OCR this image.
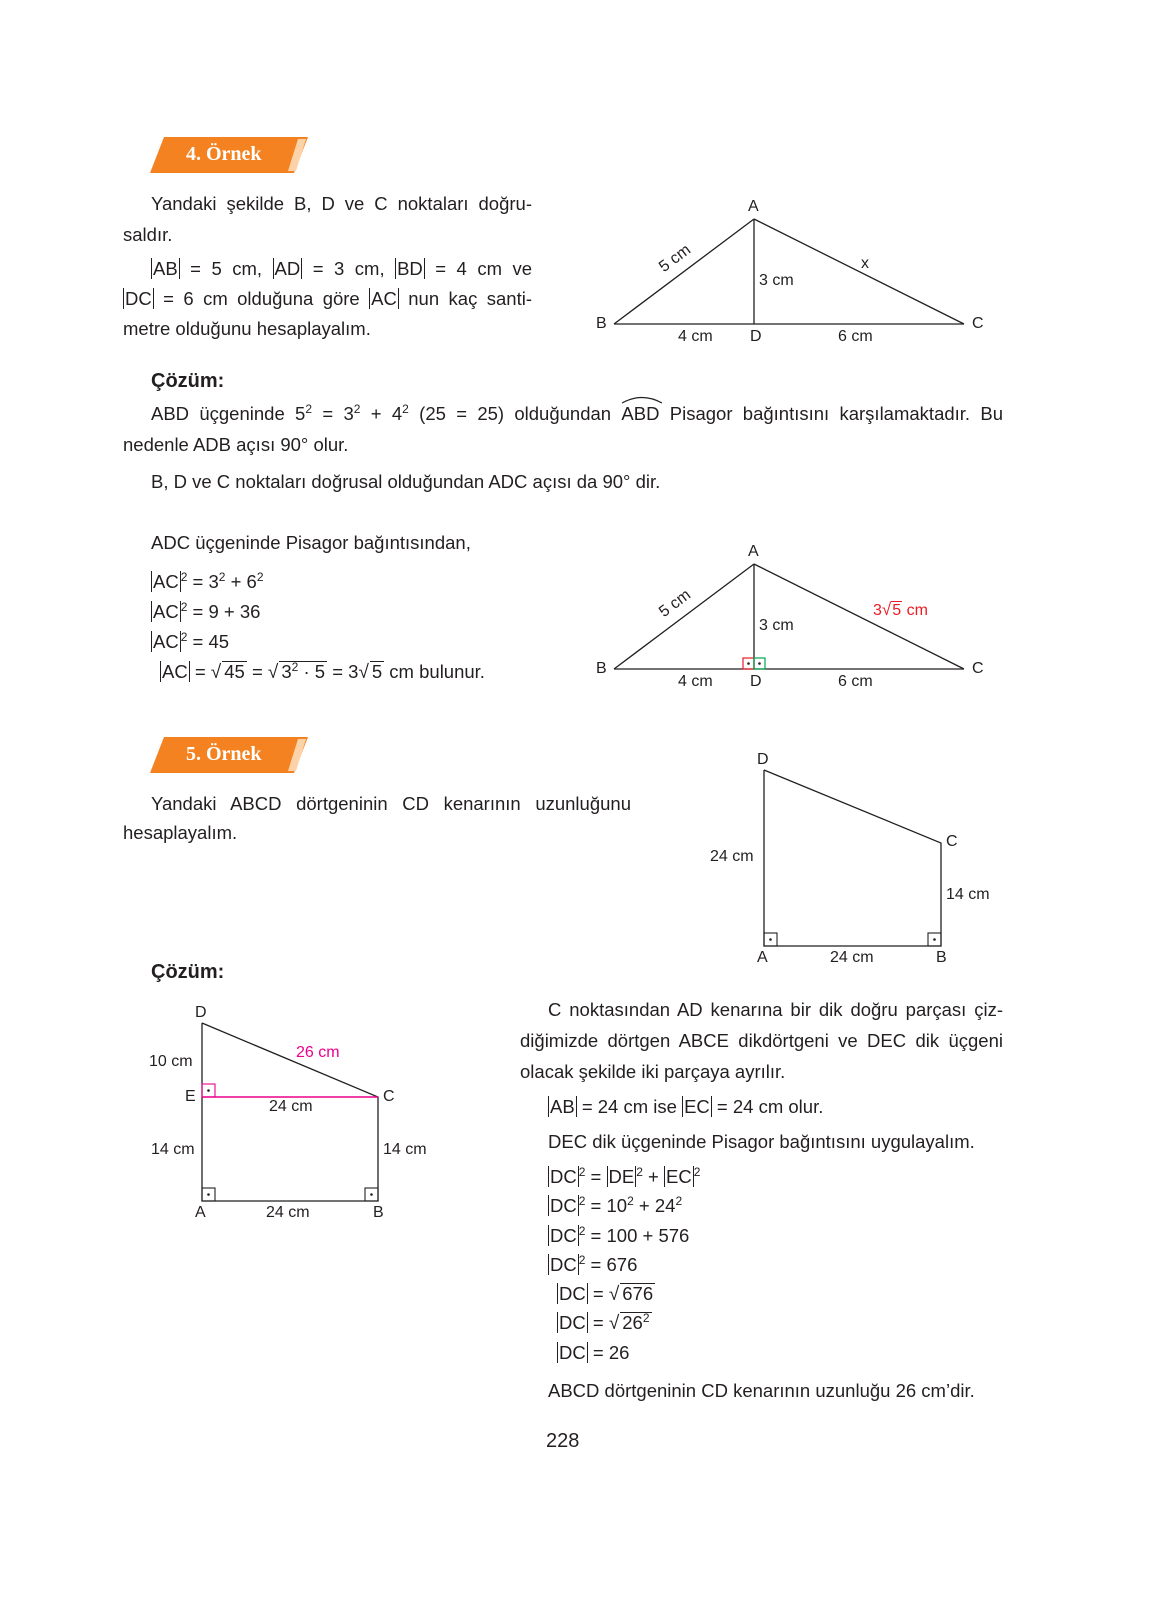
4. Örnek
Yandaki şekilde B, D ve C noktaları doğru-
saldır.
AB = 5 cm, AD = 3 cm, BD = 4 cm ve
DC = 6 cm olduğuna göre AC nun kaç santi-
metre olduğunu hesaplayalım.
A
B	C
D
5 cm
3 cm
4 cm	6 cm
x
Çözüm:
ABD üçgeninde $5^2 = 3^2 + 4^2$ (25 = 25) olduğundan
ABD Pisagor bağıntısını karşılamaktadır. Bu
nedenle ADB açısı 90° olur.
B, D ve C noktaları doğrusal olduğundan ADC açısı da 90° dir.
ADC üçgeninde Pisagor bağıntısından,
AC $^2 = 3^2 + 6^2$
AC $^2$ = 9 + 36
AC $^2$ = 45
AC = √ 45 = √ $3^2 \cdot 5 = 3√$ 5 cm bulunur.
A
B	C
D
5 cm
3 cm
4 cm	6 cm
3√5 cm
5. Örnek
Yandaki ABCD dörtgeninin CD kenarının uzunluğunu
hesaplayalım.
D
C
A	B
24 cm
14 cm
24 cm
Çözüm:
D
E	C
A	B
10 cm
26 cm
24 cm
14 cm	14 cm
24 cm
C noktasından AD kenarına bir dik doğru parçası çiz-
diğimizde dörtgen ABCE dikdörtgeni ve DEC dik üçgeni
olacak şekilde iki parçaya ayrılır.
AB = 24 cm ise EC = 24 cm olur.
DEC dik üçgeninde Pisagor bağıntısını uygulayalım.
DC $^2$ = DE $^2$ + EC $^2$
DC $^2 = 10^2 + 24^2$
DC $^2$ = 100 + 576
DC $^2$ = 676
DC = √ 676
DC = √ $26^2$
DC = 26
ABCD dörtgeninin CD kenarının uzunluğu 26 cm’dir.
228
